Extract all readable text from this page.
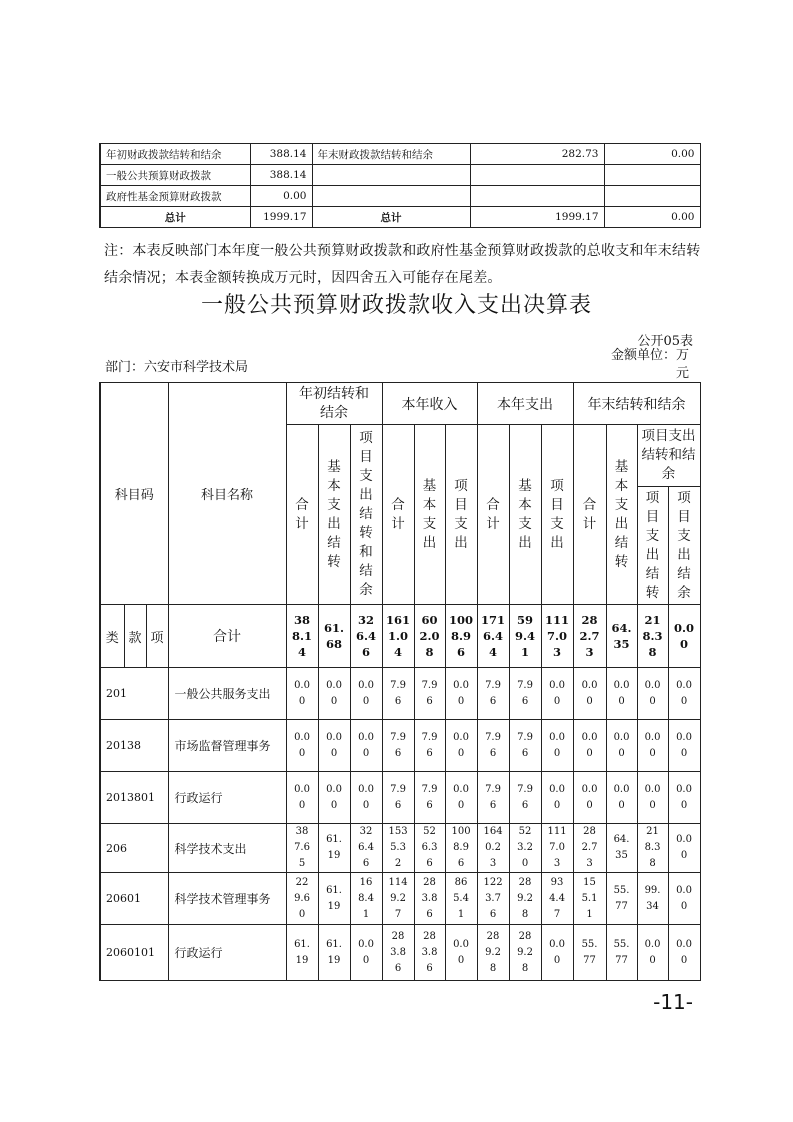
年初财政拨款结转和结余	388.14	年末财政拨款结转和结余	282.73	0.00
一般公共预算财政拨款	388.14			
政府性基金预算财政拨款	0.00			
总计	1999.17	总计	1999.17	0.00
注：本表反映部门本年度一般公共预算财政拨款和政府性基金预算财政拨款的总收支和年末结转结余情况；本表金额转换成万元时，因四舍五入可能存在尾差。
一般公共预算财政拨款收入支出决算表
公开05表
金额单位：万
元
部门：六安市科学技术局
科目码			科目名称	年初结转和结余			本年收入			本年支出			年末结转和结余			
				合计	基本支出结转	项目支出结转和结余	合计	基本支出	项目支出	合计	基本支出	项目支出	合计	基本支出结转	项目支出结转和结余	
															项目支出结转	项目支出结余
类	款	项	合计	388.14	61.68	326.46	1611.04	602.08	1008.96	1716.44	599.41	1117.03	282.73	64.35	218.38	0.00
201			一般公共服务支出	0.00	0.00	0.00	7.96	7.96	0.00	7.96	7.96	0.00	0.00	0.00	0.00	0.00
20138			市场监督管理事务	0.00	0.00	0.00	7.96	7.96	0.00	7.96	7.96	0.00	0.00	0.00	0.00	0.00
2013801			行政运行	0.00	0.00	0.00	7.96	7.96	0.00	7.96	7.96	0.00	0.00	0.00	0.00	0.00
206			科学技术支出	387.65	61.19	326.46	1535.32	526.36	1008.96	1640.23	523.20	1117.03	282.73	64.35	218.38	0.00
20601			科学技术管理事务	229.60	61.19	168.41	1149.27	283.86	865.41	1223.76	289.28	934.47	155.11	55.77	99.34	0.00
2060101			行政运行	61.19	61.19	0.00	283.86	283.86	0.00	289.28	289.28	0.00	55.77	55.77	0.00	0.00
-11-
